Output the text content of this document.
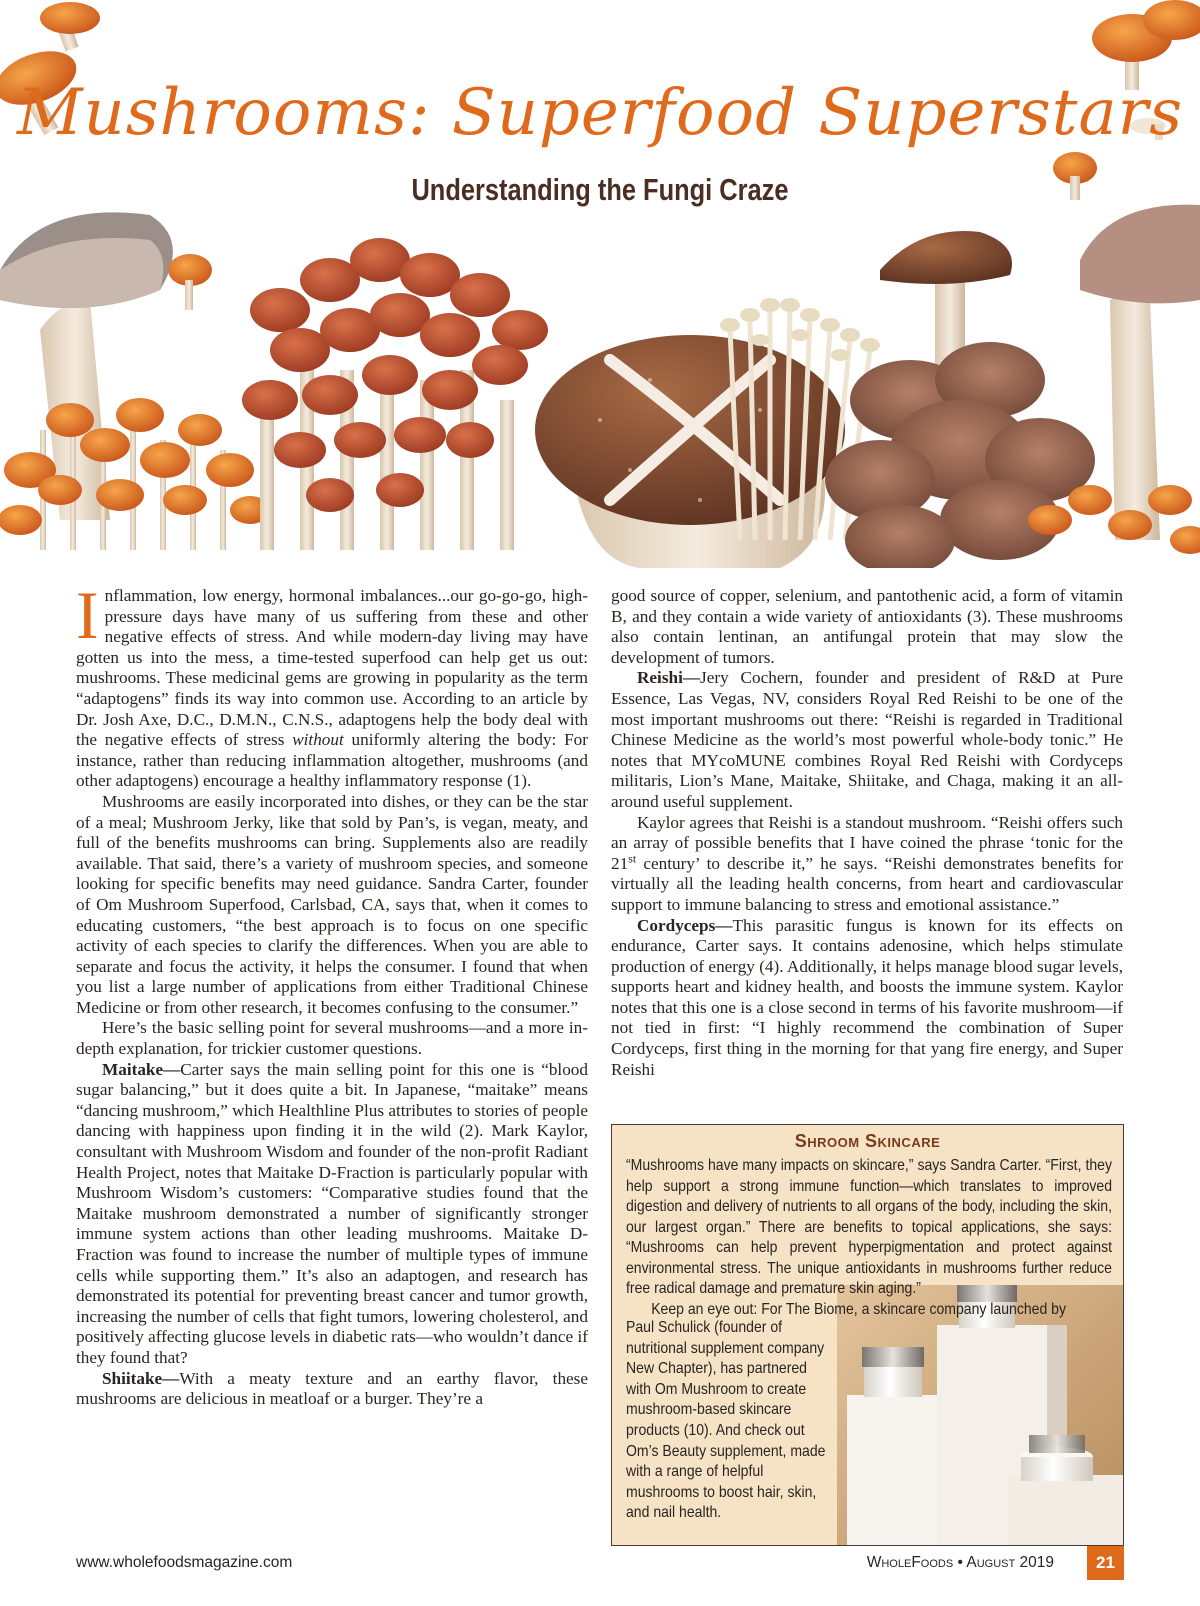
Mushrooms: Superfood Superstars
Understanding the Fungi Craze

Inflammation, low energy, hormonal imbalances...our go-go-go, high-pressure days have many of us suffering from these and other negative effects of stress. And while modern-day living may have gotten us into the mess, a time-tested superfood can help get us out: mushrooms. These medicinal gems are growing in popularity as the term “adaptogens” finds its way into common use. According to an article by Dr. Josh Axe, D.C., D.M.N., C.N.S., adaptogens help the body deal with the negative effects of stress without uniformly altering the body: For instance, rather than reducing inflammation altogether, mushrooms (and other adaptogens) encourage a healthy inflammatory response (1).

Mushrooms are easily incorporated into dishes, or they can be the star of a meal; Mushroom Jerky, like that sold by Pan’s, is vegan, meaty, and full of the benefits mushrooms can bring. Supplements also are readily available. That said, there’s a variety of mushroom species, and someone looking for specific benefits may need guidance. Sandra Carter, founder of Om Mushroom Superfood, Carlsbad, CA, says that, when it comes to educating customers, “the best approach is to focus on one specific activity of each species to clarify the differences. When you are able to separate and focus the activity, it helps the consumer. I found that when you list a large number of applications from either Traditional Chinese Medicine or from other research, it becomes confusing to the consumer.”

Here’s the basic selling point for several mushrooms—and a more in-depth explanation, for trickier customer questions.

Maitake—Carter says the main selling point for this one is “blood sugar balancing,” but it does quite a bit. In Japanese, “maitake” means “dancing mushroom,” which Healthline Plus attributes to stories of people dancing with happiness upon finding it in the wild (2). Mark Kaylor, consultant with Mushroom Wisdom and founder of the non-profit Radiant Health Project, notes that Maitake D-Fraction is particularly popular with Mushroom Wisdom’s customers: “Comparative studies found that the Maitake mushroom demonstrated a number of significantly stronger immune system actions than other leading mushrooms. Maitake D-Fraction was found to increase the number of multiple types of immune cells while supporting them.” It’s also an adaptogen, and research has demonstrated its potential for preventing breast cancer and tumor growth, increasing the number of cells that fight tumors, lowering cholesterol, and positively affecting glucose levels in diabetic rats—who wouldn’t dance if they found that?

Shiitake—With a meaty texture and an earthy flavor, these mushrooms are delicious in meatloaf or a burger. They’re a

good source of copper, selenium, and pantothenic acid, a form of vitamin B, and they contain a wide variety of antioxidants (3). These mushrooms also contain lentinan, an antifungal protein that may slow the development of tumors.

Reishi—Jery Cochern, founder and president of R&D at Pure Essence, Las Vegas, NV, considers Royal Red Reishi to be one of the most important mushrooms out there: “Reishi is regarded in Traditional Chinese Medicine as the world’s most powerful whole-body tonic.” He notes that MYcoMUNE combines Royal Red Reishi with Cordyceps militaris, Lion’s Mane, Maitake, Shiitake, and Chaga, making it an all-around useful supplement.

Kaylor agrees that Reishi is a standout mushroom. “Reishi offers such an array of possible benefits that I have coined the phrase ‘tonic for the 21st century’ to describe it,” he says. “Reishi demonstrates benefits for virtually all the leading health concerns, from heart and cardiovascular support to immune balancing to stress and emotional assistance.”

Cordyceps—This parasitic fungus is known for its effects on endurance, Carter says. It contains adenosine, which helps stimulate production of energy (4). Additionally, it helps manage blood sugar levels, supports heart and kidney health, and boosts the immune system. Kaylor notes that this one is a close second in terms of his favorite mushroom—if not tied in first: “I highly recommend the combination of Super Cordyceps, first thing in the morning for that yang fire energy, and Super Reishi

Shroom Skincare

“Mushrooms have many impacts on skincare,” says Sandra Carter. “First, they help support a strong immune function—which translates to improved digestion and delivery of nutrients to all organs of the body, including the skin, our largest organ.” There are benefits to topical applications, she says: “Mushrooms can help prevent hyperpigmentation and protect against environmental stress. The unique antioxidants in mushrooms further reduce free radical damage and premature skin aging.”

Keep an eye out: For The Biome, a skincare company launched by

Paul Schulick (founder of nutritional supplement company New Chapter), has partnered with Om Mushroom to create mushroom-based skincare products (10). And check out Om’s Beauty supplement, made with a range of helpful mushrooms to boost hair, skin, and nail health.
www.wholefoodsmagazine.com	WholeFoods • August 2019	21
